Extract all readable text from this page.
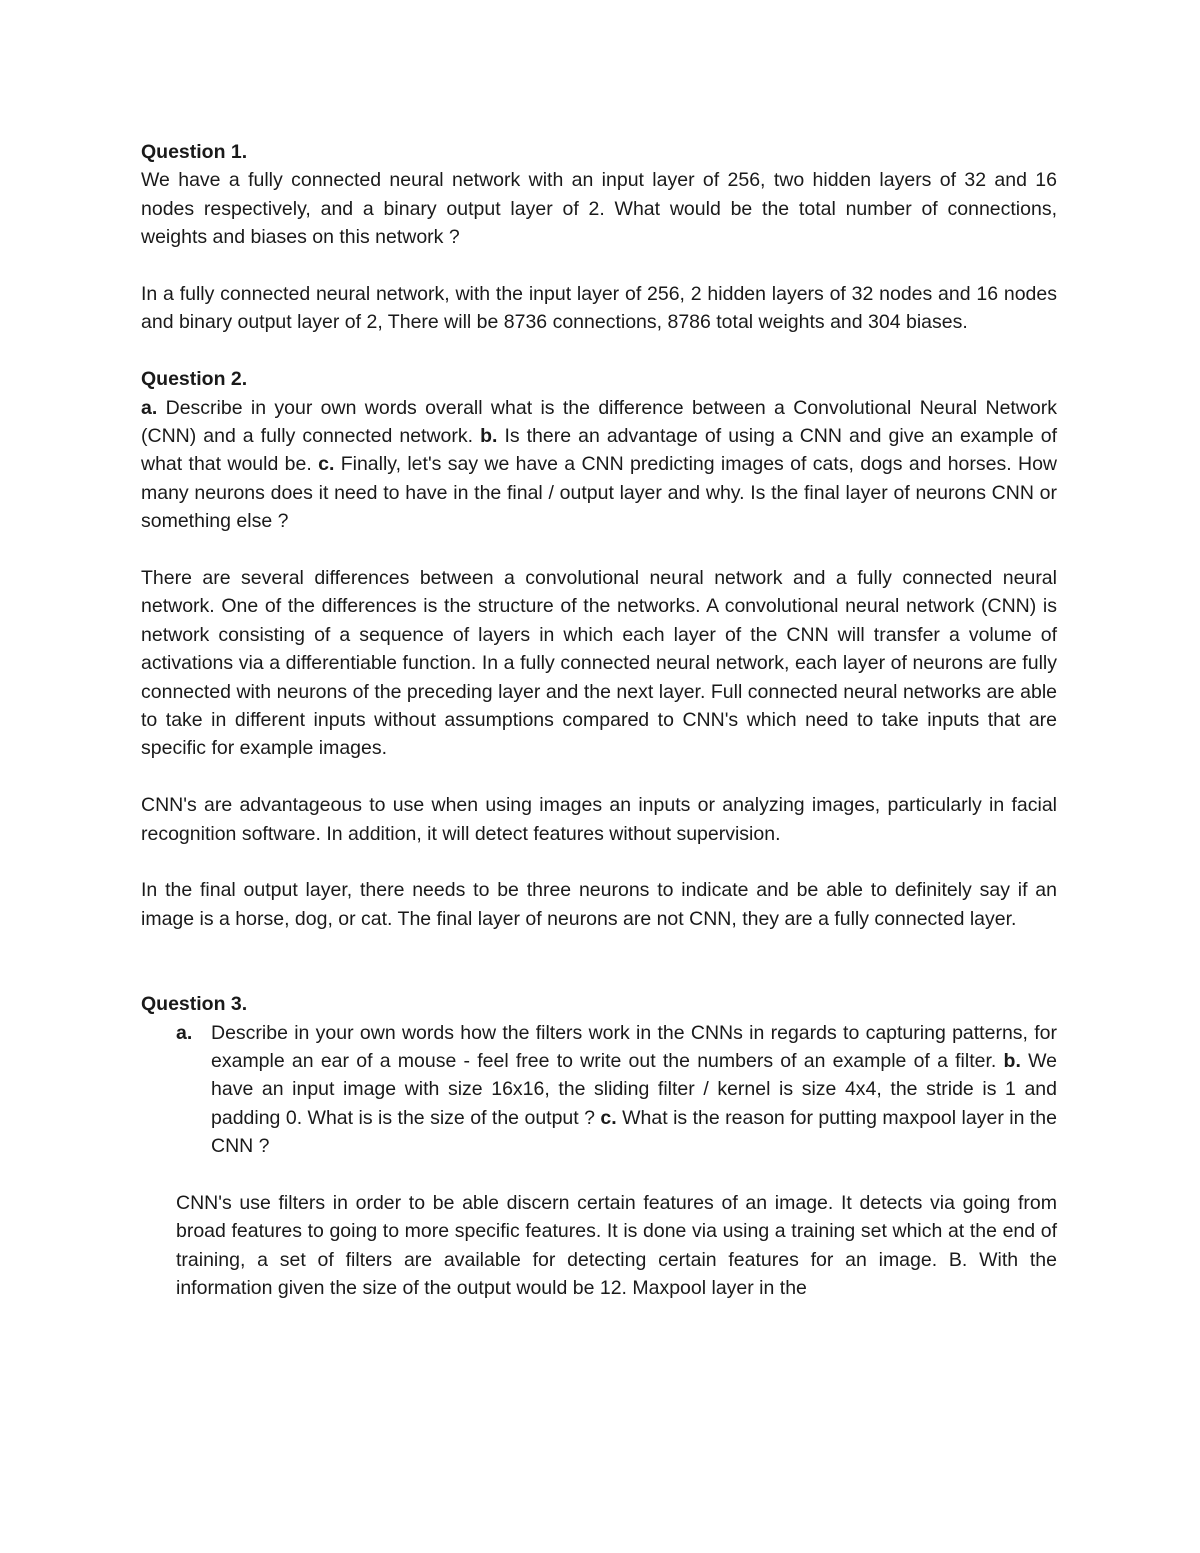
Question 1.

We have a fully connected neural network with an input layer of 256, two hidden layers of 32 and 16 nodes respectively, and a binary output layer of 2. What would be the total number of connections, weights and biases on this network ?

In a fully connected neural network, with the input layer of 256, 2 hidden layers of 32 nodes and 16 nodes and binary output layer of 2, There will be 8736 connections, 8786 total weights and 304 biases.

Question 2.

a. Describe in your own words overall what is the difference between a Convolutional Neural Network (CNN) and a fully connected network. b. Is there an advantage of using a CNN and give an example of what that would be. c. Finally, let's say we have a CNN predicting images of cats, dogs and horses. How many neurons does it need to have in the final / output layer and why. Is the final layer of neurons CNN or something else ?

There are several differences between a convolutional neural network and a fully connected neural network. One of the differences is the structure of the networks. A convolutional neural network (CNN) is network consisting of a sequence of layers in which each layer of the CNN will transfer a volume of activations via a differentiable function. In a fully connected neural network, each layer of neurons are fully connected with neurons of the preceding layer and the next layer. Full connected neural networks are able to take in different inputs without assumptions compared to CNN's which need to take inputs that are specific for example images.

CNN's are advantageous to use when using images an inputs or analyzing images, particularly in facial recognition software. In addition, it will detect features without supervision.

In the final output layer, there needs to be three neurons to indicate and be able to definitely say if an image is a horse, dog, or cat. The final layer of neurons are not CNN, they are a fully connected layer.

Question 3.
a. Describe in your own words how the filters work in the CNNs in regards to capturing patterns, for example an ear of a mouse - feel free to write out the numbers of an example of a filter. b. We have an input image with size 16x16, the sliding filter / kernel is size 4x4, the stride is 1 and padding 0. What is is the size of the output ? c. What is the reason for putting maxpool layer in the CNN ?

CNN's use filters in order to be able discern certain features of an image. It detects via going from broad features to going to more specific features. It is done via using a training set which at the end of training, a set of filters are available for detecting certain features for an image. B. With the information given the size of the output would be 12. Maxpool layer in the
